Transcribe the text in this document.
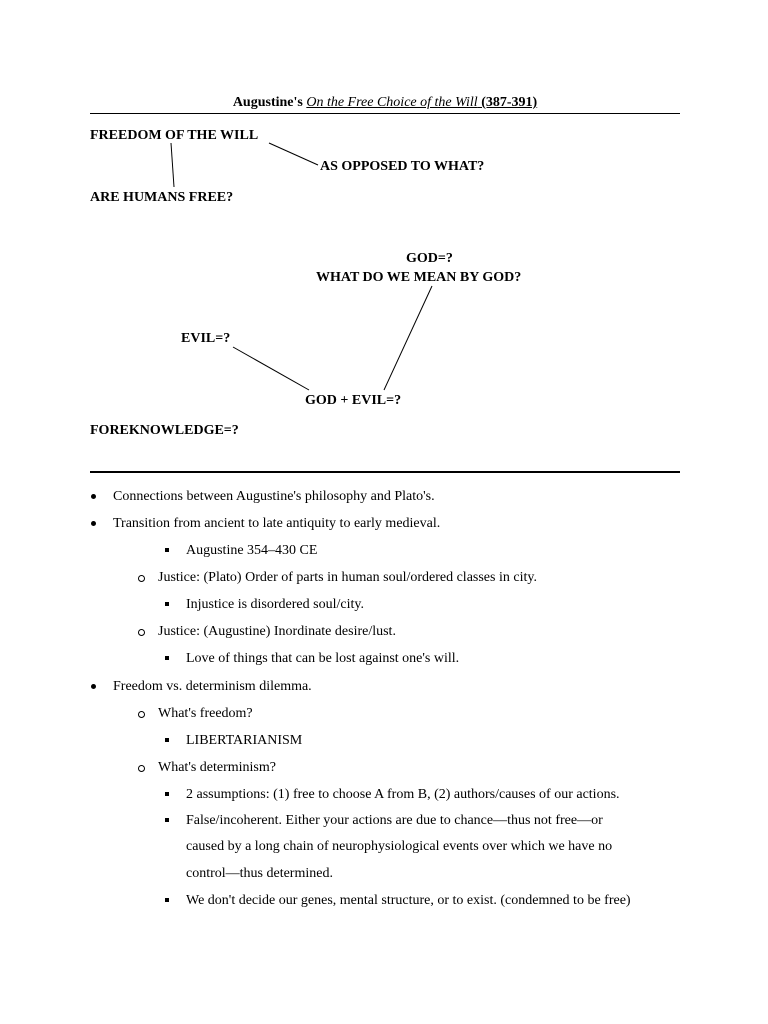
Augustine's On the Free Choice of the Will (387-391)
FREEDOM OF THE WILL
AS OPPOSED TO WHAT?
ARE HUMANS FREE?
GOD=?
WHAT DO WE MEAN BY GOD?
EVIL=?
GOD + EVIL=?
FOREKNOWLEDGE=?
Connections between Augustine's philosophy and Plato's.
Transition from ancient to late antiquity to early medieval.
Augustine 354–430 CE
Justice: (Plato) Order of parts in human soul/ordered classes in city.
Injustice is disordered soul/city.
Justice: (Augustine) Inordinate desire/lust.
Love of things that can be lost against one's will.
Freedom vs. determinism dilemma.
What's freedom?
LIBERTARIANISM
What's determinism?
2 assumptions: (1) free to choose A from B, (2) authors/causes of our actions.
False/incoherent. Either your actions are due to chance—thus not free—or
caused by a long chain of neurophysiological events over which we have no
control—thus determined.
We don't decide our genes, mental structure, or to exist. (condemned to be free)
